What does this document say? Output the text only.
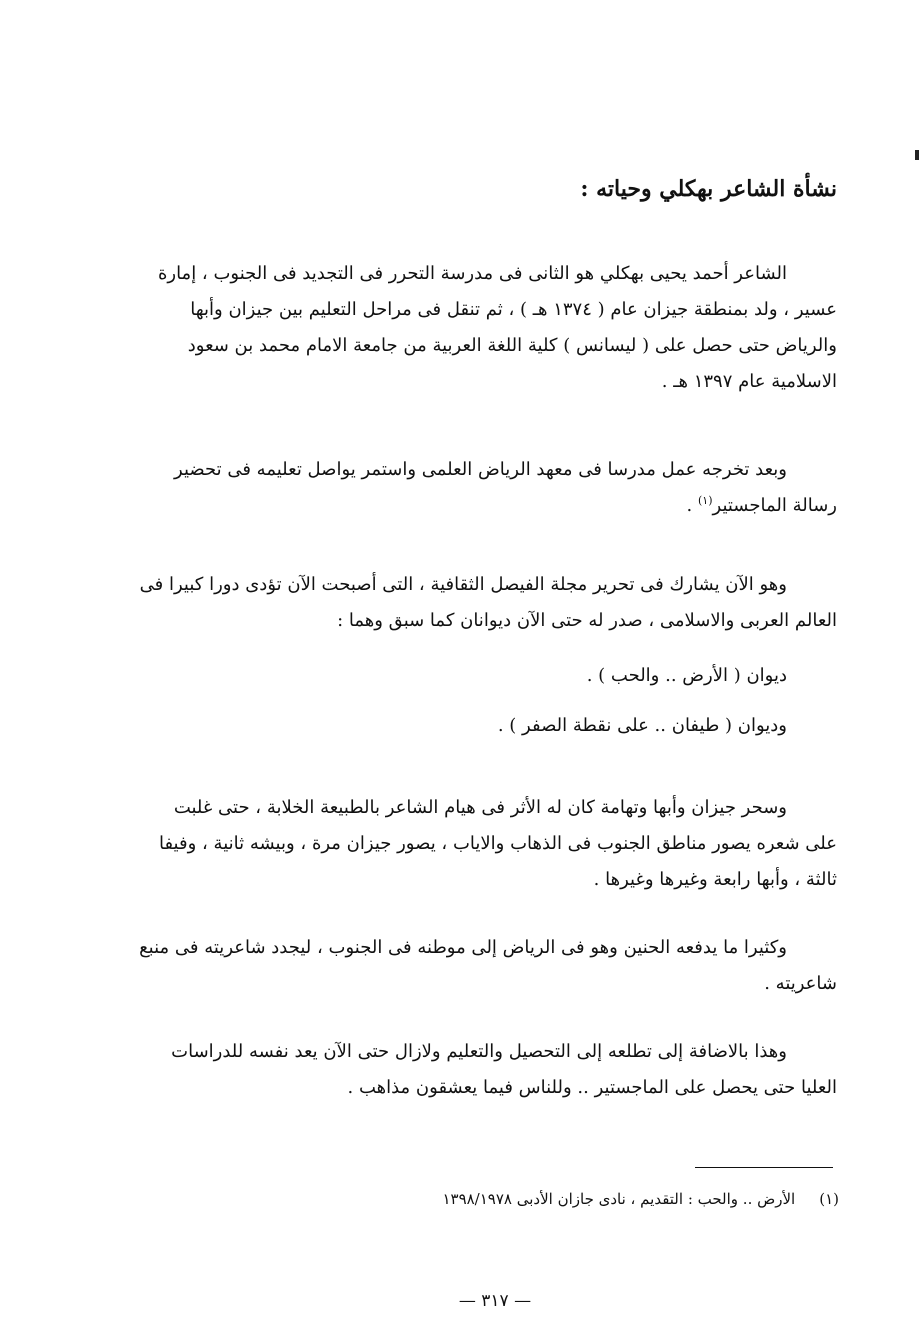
نشأة الشاعر بهكلي وحياته :

الشاعر أحمد يحيى بهكلي هو الثانى فى مدرسة التحرر فى التجديد فى الجنوب ، إمارة عسير ، ولد بمنطقة جيزان عام ( ١٣٧٤ هـ ) ، ثم تنقل فى مراحل التعليم بين جيزان وأبها والرياض حتى حصل على ( ليسانس ) كلية اللغة العربية من جامعة الامام محمد بن سعود الاسلامية عام ١٣٩٧ هـ .

وبعد تخرجه عمل مدرسا فى معهد الرياض العلمى واستمر يواصل تعليمه فى تحضير رسالة الماجستير$^{(١)}$ .

وهو الآن يشارك فى تحرير مجلة الفيصل الثقافية ، التى أصبحت الآن تؤدى دورا كبيرا فى العالم العربى والاسلامى ، صدر له حتى الآن ديوانان كما سبق وهما :

ديوان ( الأرض .. والحب ) .

وديوان ( طيفان .. على نقطة الصفر ) .

وسحر جيزان وأبها وتهامة كان له الأثر فى هيام الشاعر بالطبيعة الخلابة ، حتى غلبت على شعره يصور مناطق الجنوب فى الذهاب والاياب ، يصور جيزان مرة ، وبيشه ثانية ، وفيفا ثالثة ، وأبها رابعة وغيرها وغيرها .

وكثيرا ما يدفعه الحنين وهو فى الرياض إلى موطنه فى الجنوب ، ليجدد شاعريته فى منبع شاعريته .

وهذا بالاضافة إلى تطلعه إلى التحصيل والتعليم ولازال حتى الآن يعد نفسه للدراسات العليا حتى يحصل على الماجستير .. وللناس فيما يعشقون مذاهب .

(١)الأرض .. والحب : التقديم ، نادى جازان الأدبى ١٣٩٨/١٩٧٨

— ٣١٧ —
